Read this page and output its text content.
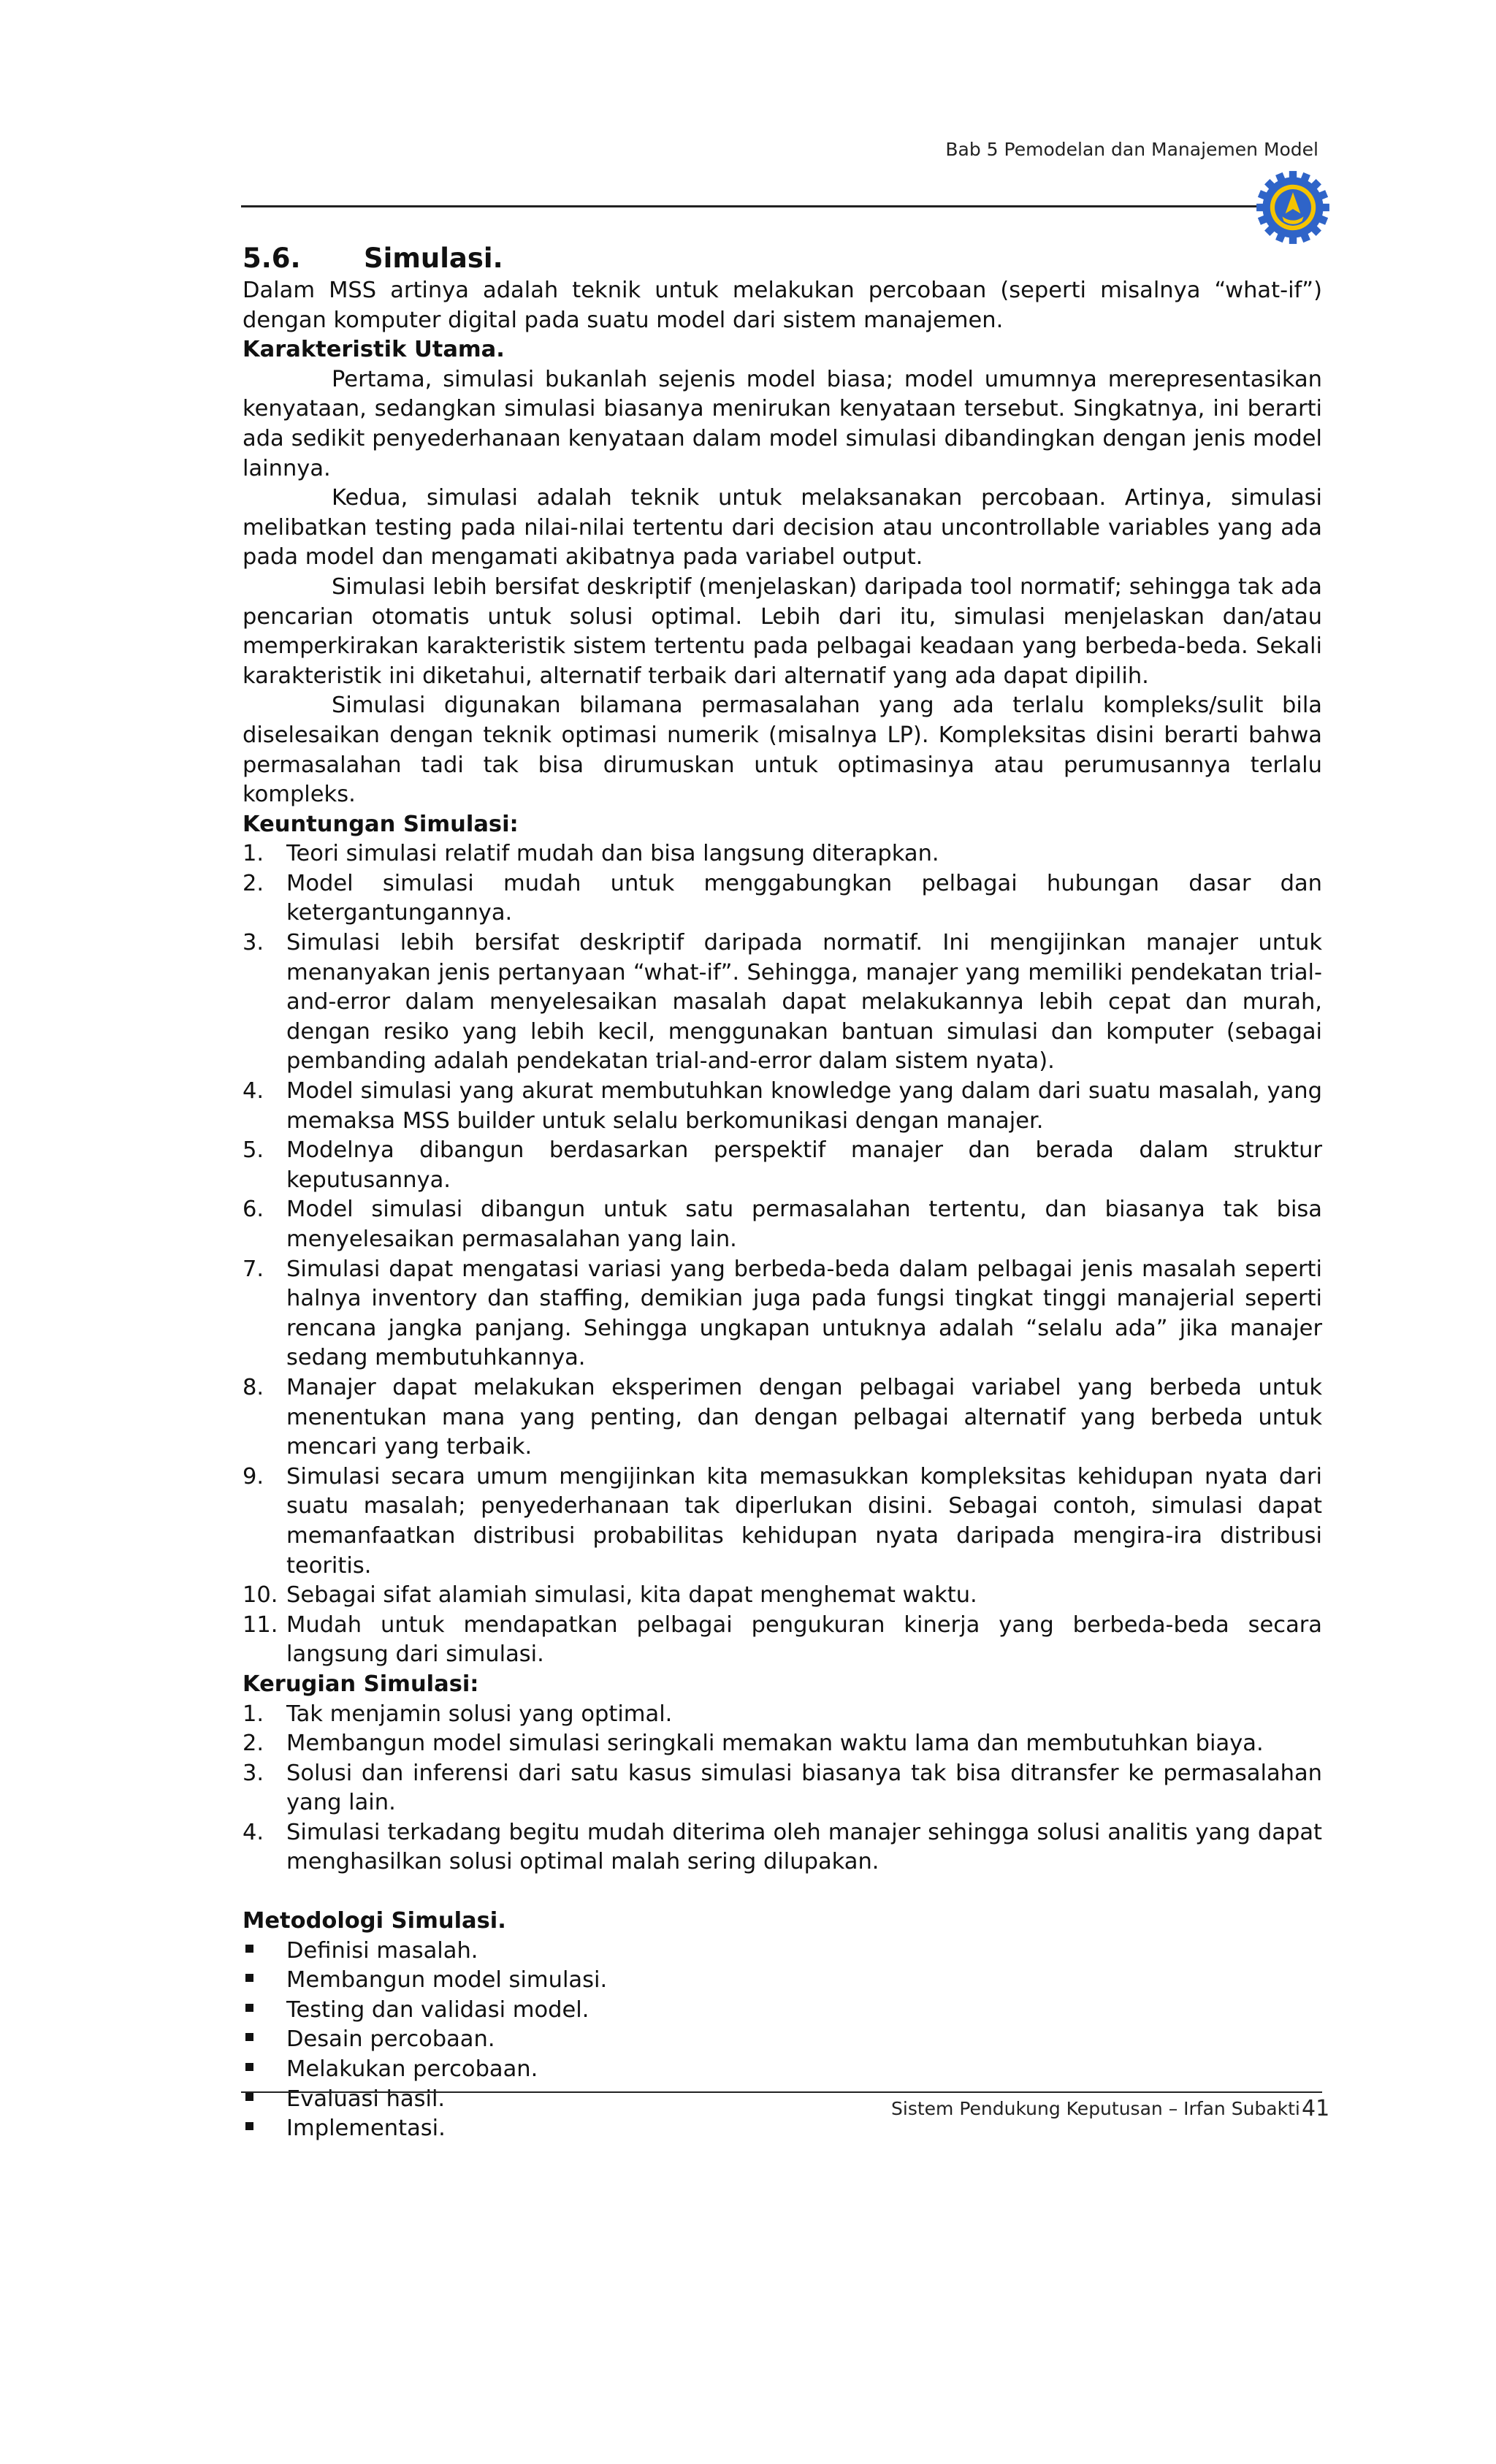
Bab 5 Pemodelan dan Manajemen Model
5.6.	Simulasi.

Dalam MSS artinya adalah teknik untuk melakukan percobaan (seperti misalnya “what-if”) dengan komputer digital pada suatu model dari sistem manajemen.

Karakteristik Utama.

Pertama, simulasi bukanlah sejenis model biasa; model umumnya merepresentasikan kenyataan, sedangkan simulasi biasanya menirukan kenyataan tersebut. Singkatnya, ini berarti ada sedikit penyederhanaan kenyataan dalam model simulasi dibandingkan dengan jenis model lainnya.

Kedua, simulasi adalah teknik untuk melaksanakan percobaan. Artinya, simulasi melibatkan testing pada nilai-nilai tertentu dari decision atau uncontrollable variables yang ada pada model dan mengamati akibatnya pada variabel output.

Simulasi lebih bersifat deskriptif (menjelaskan) daripada tool normatif; sehingga tak ada pencarian otomatis untuk solusi optimal. Lebih dari itu, simulasi menjelaskan dan/atau memperkirakan karakteristik sistem tertentu pada pelbagai keadaan yang berbeda-beda. Sekali karakteristik ini diketahui, alternatif terbaik dari alternatif yang ada dapat dipilih.

Simulasi digunakan bilamana permasalahan yang ada terlalu kompleks/sulit bila diselesaikan dengan teknik optimasi numerik (misalnya LP). Kompleksitas disini berarti bahwa permasalahan tadi tak bisa dirumuskan untuk optimasinya atau perumusannya terlalu kompleks.

Keuntungan Simulasi:

1.	Teori simulasi relatif mudah dan bisa langsung diterapkan.
2.	Model simulasi mudah untuk menggabungkan pelbagai hubungan dasar dan ketergantungannya.
3.	Simulasi lebih bersifat deskriptif daripada normatif. Ini mengijinkan manajer untuk menanyakan jenis pertanyaan “what-if”. Sehingga, manajer yang memiliki pendekatan trial-and-error dalam menyelesaikan masalah dapat melakukannya lebih cepat dan murah, dengan resiko yang lebih kecil, menggunakan bantuan simulasi dan komputer (sebagai pembanding adalah pendekatan trial-and-error dalam sistem nyata).
4.	Model simulasi yang akurat membutuhkan knowledge yang dalam dari suatu masalah, yang memaksa MSS builder untuk selalu berkomunikasi dengan manajer.
5.	Modelnya dibangun berdasarkan perspektif manajer dan berada dalam struktur keputusannya.
6.	Model simulasi dibangun untuk satu permasalahan tertentu, dan biasanya tak bisa menyelesaikan permasalahan yang lain.
7.	Simulasi dapat mengatasi variasi yang berbeda-beda dalam pelbagai jenis masalah seperti halnya inventory dan staffing, demikian juga pada fungsi tingkat tinggi manajerial seperti rencana jangka panjang. Sehingga ungkapan untuknya adalah “selalu ada” jika manajer sedang membutuhkannya.
8.	Manajer dapat melakukan eksperimen dengan pelbagai variabel yang berbeda untuk menentukan mana yang penting, dan dengan pelbagai alternatif yang berbeda untuk mencari yang terbaik.
9.	Simulasi secara umum mengijinkan kita memasukkan kompleksitas kehidupan nyata dari suatu masalah; penyederhanaan tak diperlukan disini. Sebagai contoh, simulasi dapat memanfaatkan distribusi probabilitas kehidupan nyata daripada mengira-ira distribusi teoritis.
10. Sebagai sifat alamiah simulasi, kita dapat menghemat waktu.
11. Mudah untuk mendapatkan pelbagai pengukuran kinerja yang berbeda-beda secara langsung dari simulasi.

Kerugian Simulasi:

1.	Tak menjamin solusi yang optimal.
2.	Membangun model simulasi seringkali memakan waktu lama dan membutuhkan biaya.
3.	Solusi dan inferensi dari satu kasus simulasi biasanya tak bisa ditransfer ke permasalahan yang lain.
4.	Simulasi terkadang begitu mudah diterima oleh manajer sehingga solusi analitis yang dapat menghasilkan solusi optimal malah sering dilupakan.

Metodologi Simulasi.

Definisi masalah.
Membangun model simulasi.
Testing dan validasi model.
Desain percobaan.
Melakukan percobaan.
Evaluasi hasil.
Implementasi.
Sistem Pendukung Keputusan – Irfan Subakti 41
